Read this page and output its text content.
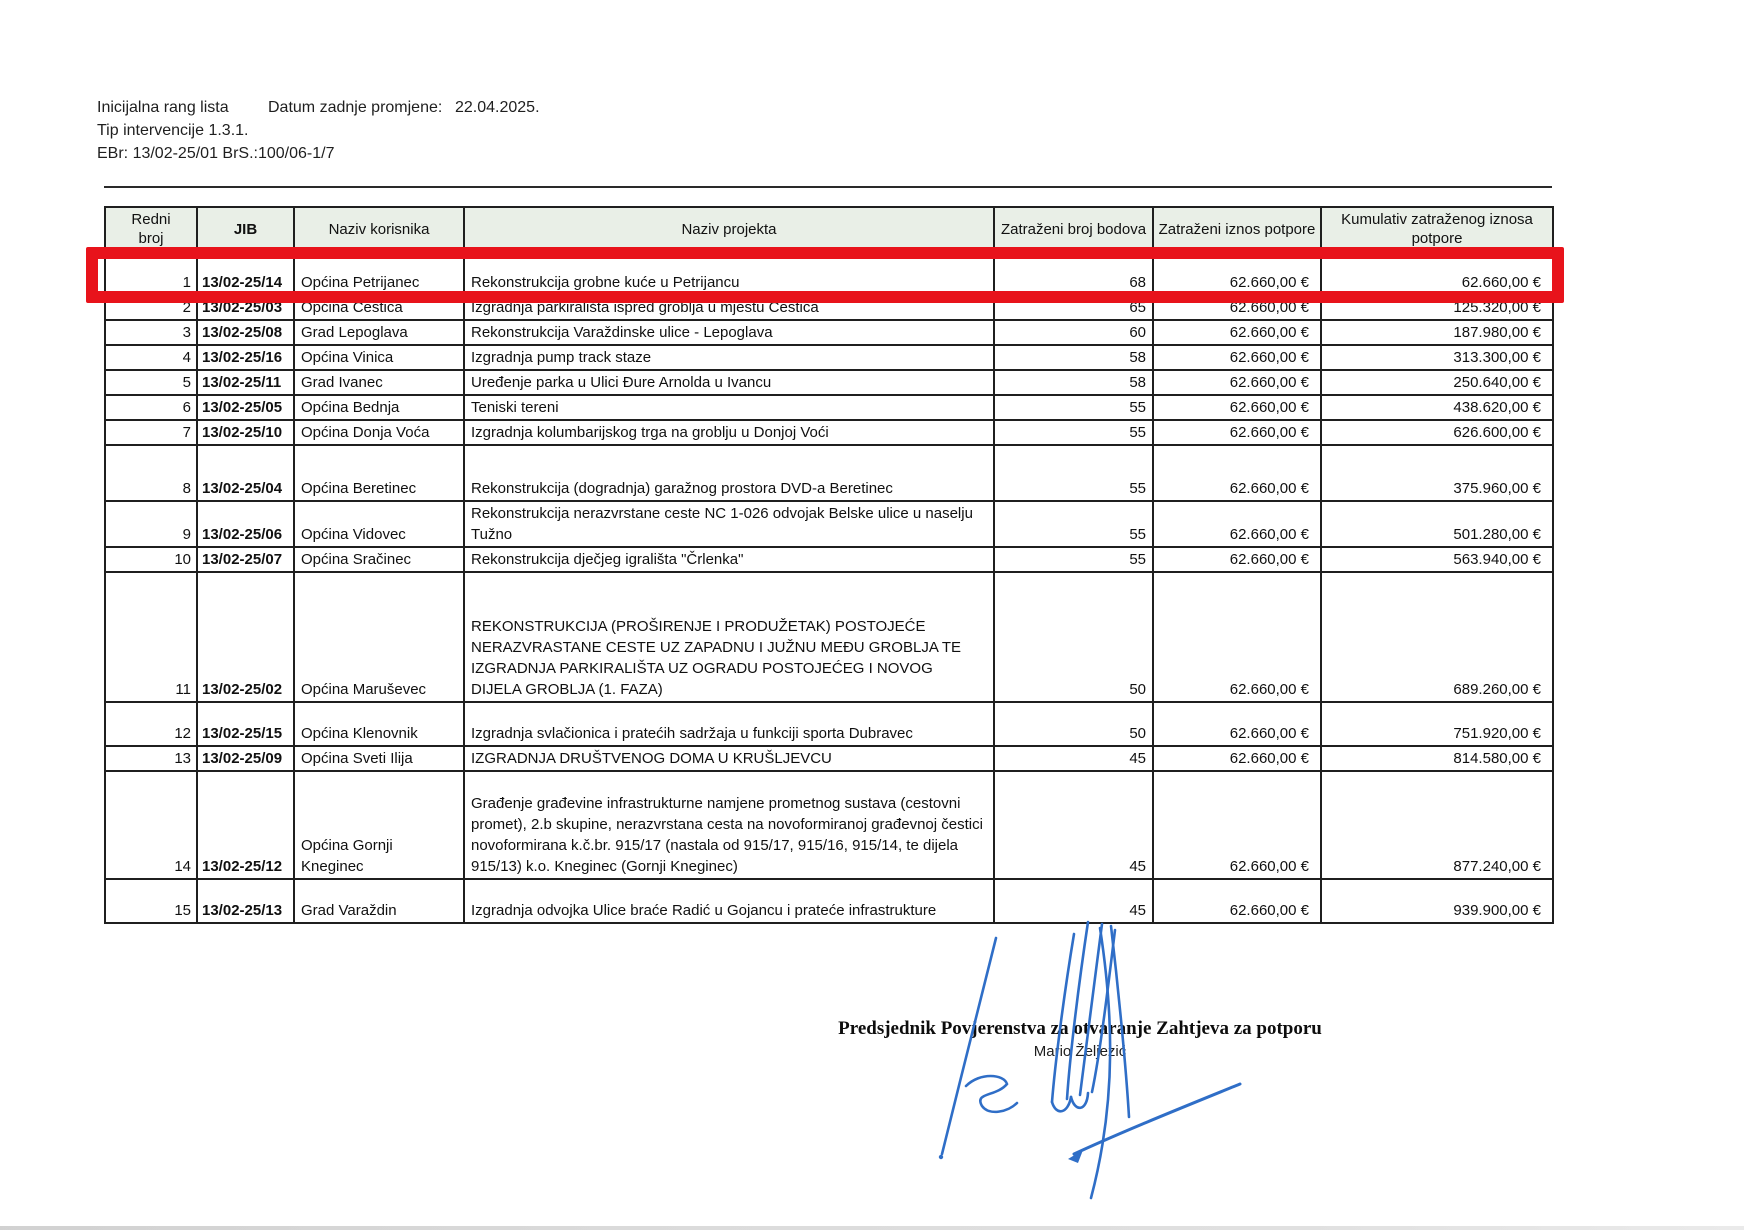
Inicijalna rang lista Datum zadnje promjene: 22.04.2025.
Tip intervencije 1.3.1.
EBr: 13/02-25/01 BrS.:100/06-1/7
Redni broj	JIB	Naziv korisnika	Naziv projekta	Zatraženi broj bodova	Zatraženi iznos potpore	Kumulativ zatraženog iznosa potpore
1	13/02-25/14	Općina Petrijanec	Rekonstrukcija grobne kuće u Petrijancu	68	62.660,00 €	62.660,00 €
2	13/02-25/03	Općina Cestica	Izgradnja parkirališta ispred groblja u mjestu Cestica	65	62.660,00 €	125.320,00 €
3	13/02-25/08	Grad Lepoglava	Rekonstrukcija Varaždinske ulice - Lepoglava	60	62.660,00 €	187.980,00 €
4	13/02-25/16	Općina Vinica	Izgradnja pump track staze	58	62.660,00 €	313.300,00 €
5	13/02-25/11	Grad Ivanec	Uređenje parka u Ulici Đure Arnolda u Ivancu	58	62.660,00 €	250.640,00 €
6	13/02-25/05	Općina Bednja	Teniski tereni	55	62.660,00 €	438.620,00 €
7	13/02-25/10	Općina Donja Voća	Izgradnja kolumbarijskog trga na groblju u Donjoj Voći	55	62.660,00 €	626.600,00 €
8	13/02-25/04	Općina Beretinec	Rekonstrukcija (dogradnja) garažnog prostora DVD-a Beretinec	55	62.660,00 €	375.960,00 €
9	13/02-25/06	Općina Vidovec	Rekonstrukcija nerazvrstane ceste NC 1-026 odvojak Belske ulice u naselju Tužno	55	62.660,00 €	501.280,00 €
10	13/02-25/07	Općina Sračinec	Rekonstrukcija dječjeg igrališta "Črlenka"	55	62.660,00 €	563.940,00 €
11	13/02-25/02	Općina Maruševec	REKONSTRUKCIJA (PROŠIRENJE I PRODUŽETAK) POSTOJEĆE NERAZVRASTANE CESTE UZ ZAPADNU I JUŽNU MEĐU GROBLJA TE IZGRADNJA PARKIRALIŠTA UZ OGRADU POSTOJEĆEG I NOVOG DIJELA GROBLJA (1. FAZA)	50	62.660,00 €	689.260,00 €
12	13/02-25/15	Općina Klenovnik	Izgradnja svlačionica i pratećih sadržaja u funkciji sporta Dubravec	50	62.660,00 €	751.920,00 €
13	13/02-25/09	Općina Sveti Ilija	IZGRADNJA DRUŠTVENOG DOMA U KRUŠLJEVCU	45	62.660,00 €	814.580,00 €
14	13/02-25/12	Općina Gornji Kneginec	Građenje građevine infrastrukturne namjene prometnog sustava (cestovni promet), 2.b skupine, nerazvrstana cesta na novoformiranoj građevnoj čestici novoformirana k.č.br. 915/17 (nastala od 915/17, 915/16, 915/14, te dijela 915/13) k.o. Kneginec (Gornji Kneginec)	45	62.660,00 €	877.240,00 €
15	13/02-25/13	Grad Varaždin	Izgradnja odvojka Ulice braće Radić u Gojancu i prateće infrastrukture	45	62.660,00 €	939.900,00 €
Predsjednik Povjerenstva za otvaranje Zahtjeva za potporu
Mario Željezić
